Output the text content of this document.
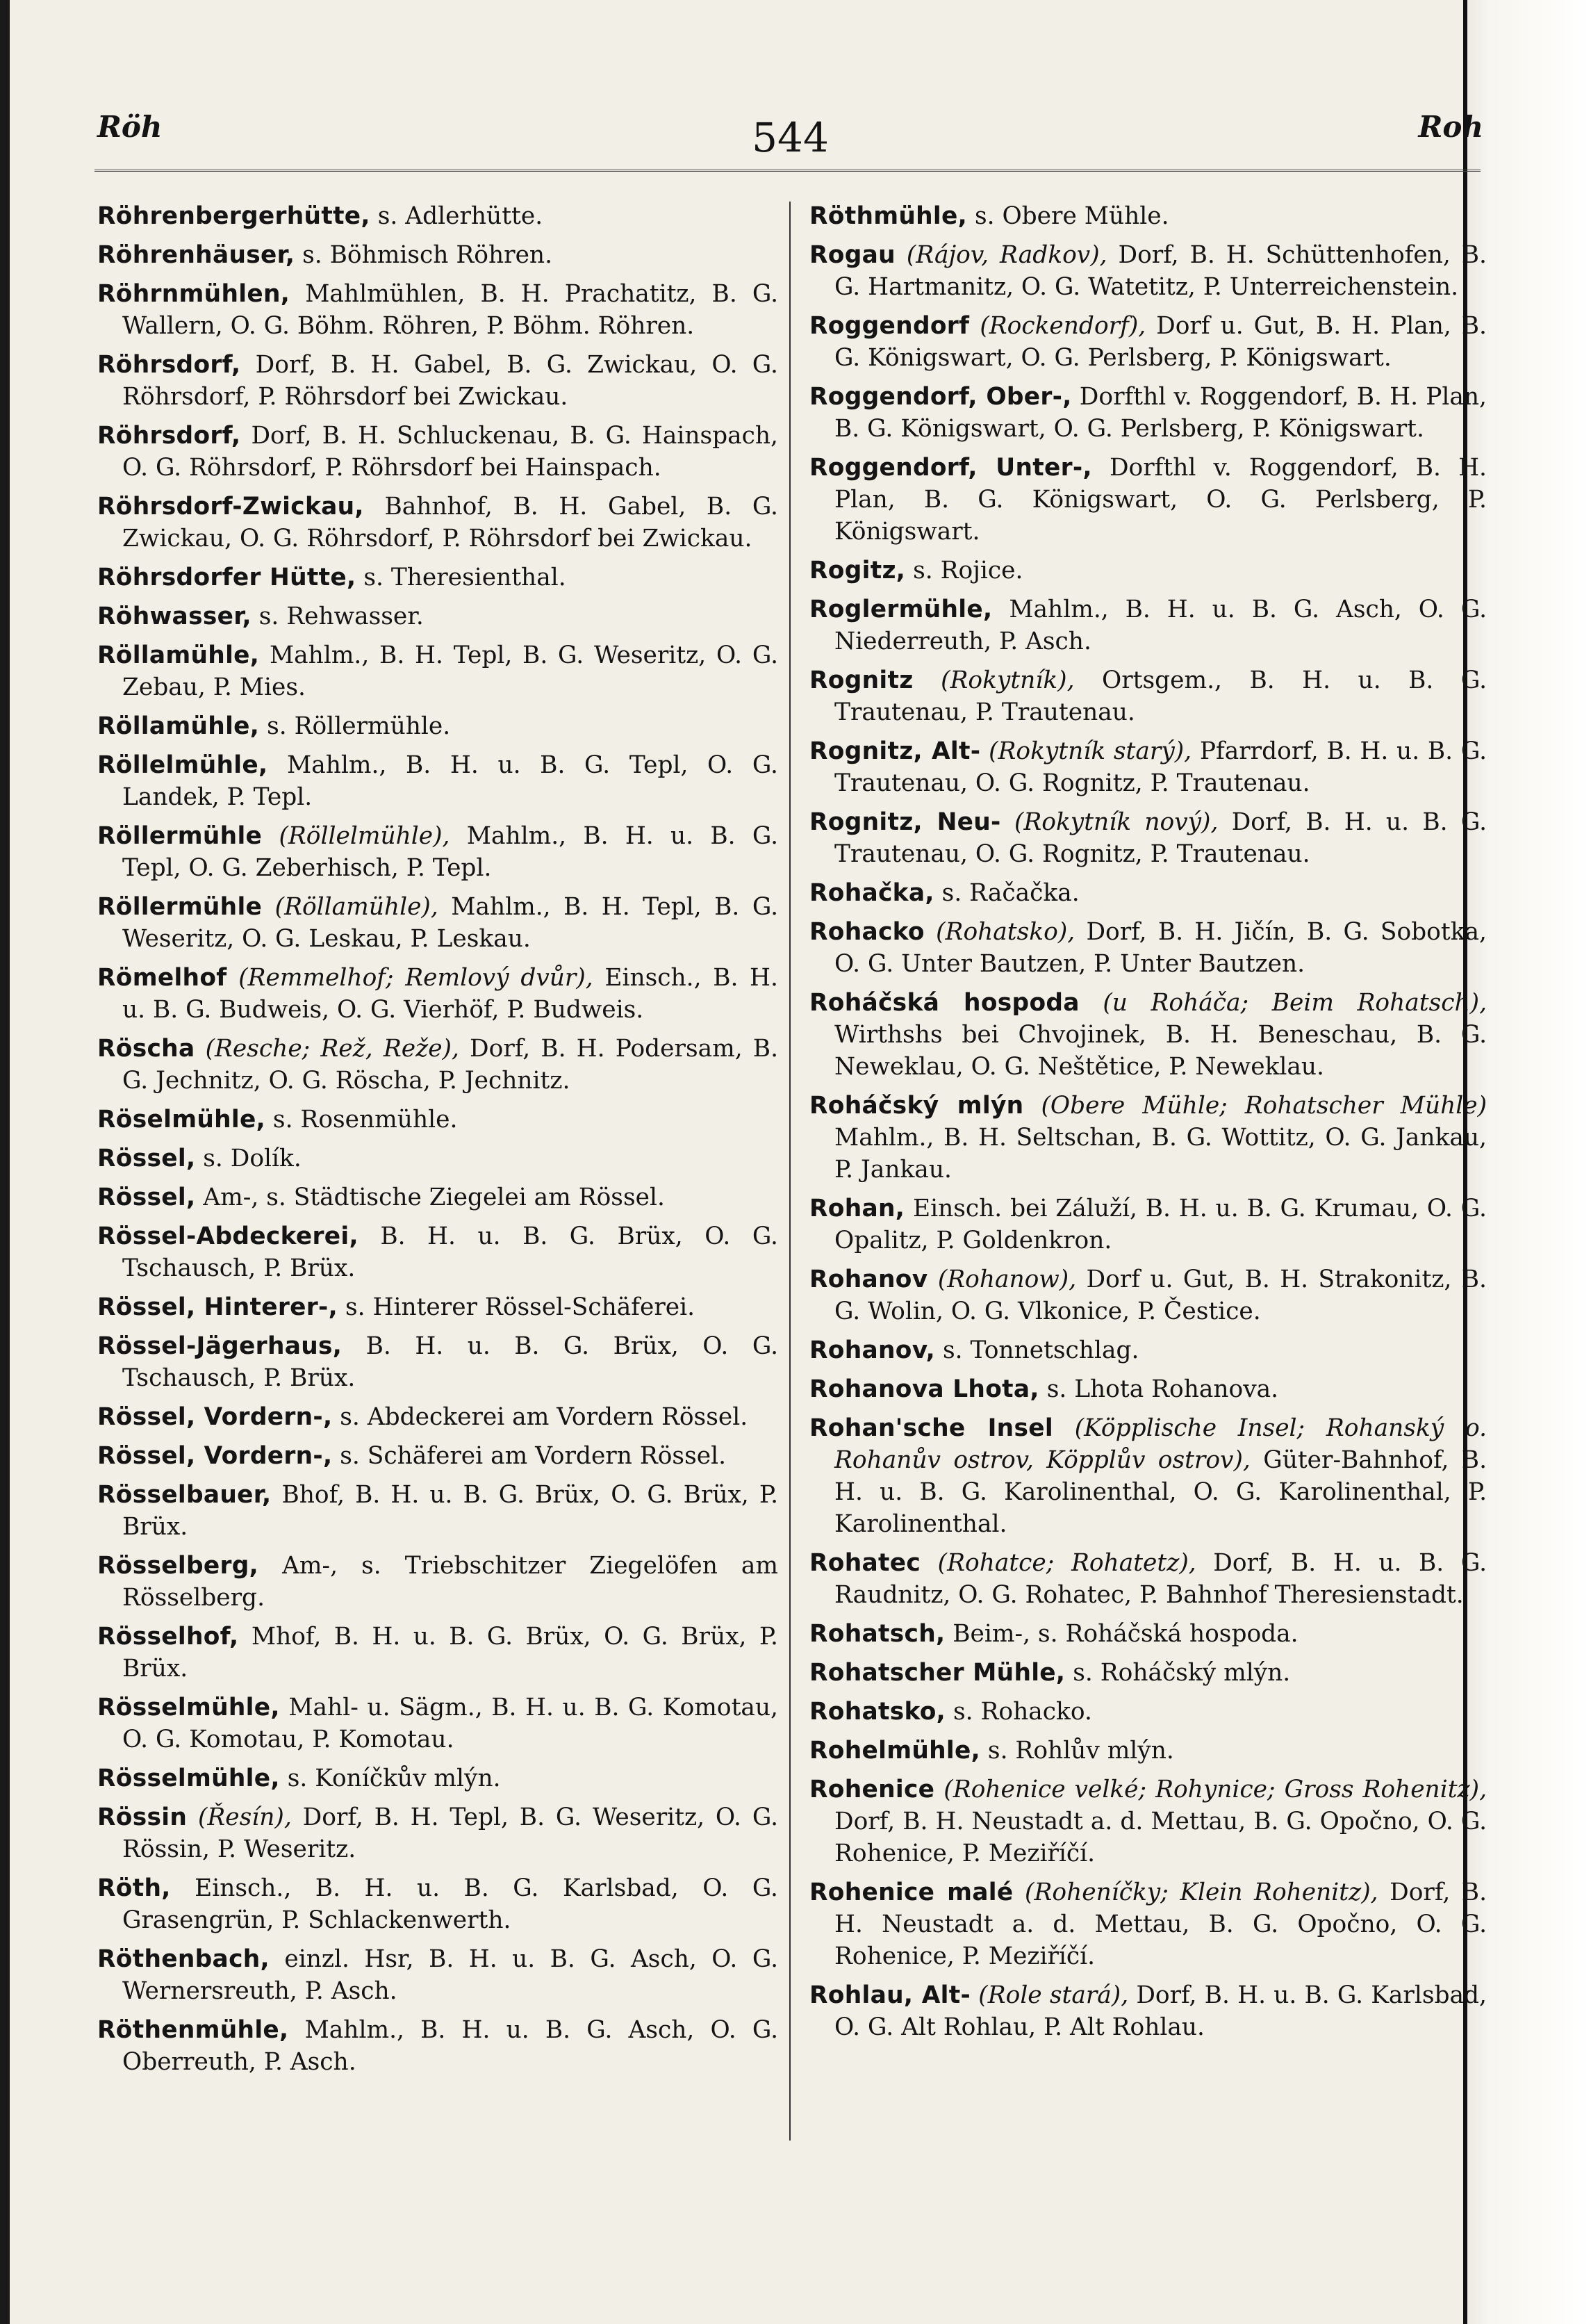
Röh	544	Roh
Röhrenbergerhütte, s. Adlerhütte.
Röhrenhäuser, s. Böhmisch Röhren.
Röhrnmühlen, Mahlmühlen, B. H. Prachatitz, B. G. Wallern, O. G. Böhm. Röhren, P. Böhm. Röhren.
Röhrsdorf, Dorf, B. H. Gabel, B. G. Zwickau, O. G. Röhrsdorf, P. Röhrsdorf bei Zwickau.
Röhrsdorf, Dorf, B. H. Schluckenau, B. G. Hainspach, O. G. Röhrsdorf, P. Röhrsdorf bei Hainspach.
Röhrsdorf-Zwickau, Bahnhof, B. H. Gabel, B. G. Zwickau, O. G. Röhrsdorf, P. Röhrsdorf bei Zwickau.
Röhrsdorfer Hütte, s. Theresienthal.
Röhwasser, s. Rehwasser.
Röllamühle, Mahlm., B. H. Tepl, B. G. Weseritz, O. G. Zebau, P. Mies.
Röllamühle, s. Röllermühle.
Röllelmühle, Mahlm., B. H. u. B. G. Tepl, O. G. Landek, P. Tepl.
Röllermühle (Röllelmühle), Mahlm., B. H. u. B. G. Tepl, O. G. Zeberhisch, P. Tepl.
Röllermühle (Röllamühle), Mahlm., B. H. Tepl, B. G. Weseritz, O. G. Leskau, P. Leskau.
Römelhof (Remmelhof; Remlový dvůr), Einsch., B. H. u. B. G. Budweis, O. G. Vierhöf, P. Budweis.
Röscha (Resche; Rež, Reže), Dorf, B. H. Podersam, B. G. Jechnitz, O. G. Röscha, P. Jechnitz.
Röselmühle, s. Rosenmühle.
Rössel, s. Dolík.
Rössel, Am-, s. Städtische Ziegelei am Rössel.
Rössel-Abdeckerei, B. H. u. B. G. Brüx, O. G. Tschausch, P. Brüx.
Rössel, Hinterer-, s. Hinterer Rössel-Schäferei.
Rössel-Jägerhaus, B. H. u. B. G. Brüx, O. G. Tschausch, P. Brüx.
Rössel, Vordern-, s. Abdeckerei am Vordern Rössel.
Rössel, Vordern-, s. Schäferei am Vordern Rössel.
Rösselbauer, Bhof, B. H. u. B. G. Brüx, O. G. Brüx, P. Brüx.
Rösselberg, Am-, s. Triebschitzer Ziegelöfen am Rösselberg.
Rösselhof, Mhof, B. H. u. B. G. Brüx, O. G. Brüx, P. Brüx.
Rösselmühle, Mahl- u. Sägm., B. H. u. B. G. Komotau, O. G. Komotau, P. Komotau.
Rösselmühle, s. Koníčkův mlýn.
Rössin (Řesín), Dorf, B. H. Tepl, B. G. Weseritz, O. G. Rössin, P. Weseritz.
Röth, Einsch., B. H. u. B. G. Karlsbad, O. G. Grasengrün, P. Schlackenwerth.
Röthenbach, einzl. Hsr, B. H. u. B. G. Asch, O. G. Wernersreuth, P. Asch.
Röthenmühle, Mahlm., B. H. u. B. G. Asch, O. G. Oberreuth, P. Asch.
Röthmühle, s. Obere Mühle.
Rogau (Rájov, Radkov), Dorf, B. H. Schüttenhofen, B. G. Hartmanitz, O. G. Watetitz, P. Unterreichenstein.
Roggendorf (Rockendorf), Dorf u. Gut, B. H. Plan, B. G. Königswart, O. G. Perlsberg, P. Königswart.
Roggendorf, Ober-, Dorfthl v. Roggendorf, B. H. Plan, B. G. Königswart, O. G. Perlsberg, P. Königswart.
Roggendorf, Unter-, Dorfthl v. Roggendorf, B. H. Plan, B. G. Königswart, O. G. Perlsberg, P. Königswart.
Rogitz, s. Rojice.
Roglermühle, Mahlm., B. H. u. B. G. Asch, O. G. Niederreuth, P. Asch.
Rognitz (Rokytník), Ortsgem., B. H. u. B. G. Trautenau, P. Trautenau.
Rognitz, Alt- (Rokytník starý), Pfarrdorf, B. H. u. B. G. Trautenau, O. G. Rognitz, P. Trautenau.
Rognitz, Neu- (Rokytník nový), Dorf, B. H. u. B. G. Trautenau, O. G. Rognitz, P. Trautenau.
Rohačka, s. Račačka.
Rohacko (Rohatsko), Dorf, B. H. Jičín, B. G. Sobotka, O. G. Unter Bautzen, P. Unter Bautzen.
Roháčská hospoda (u Roháča; Beim Rohatsch), Wirthshs bei Chvojinek, B. H. Beneschau, B. G. Neweklau, O. G. Neštětice, P. Neweklau.
Roháčský mlýn (Obere Mühle; Rohatscher Mühle) Mahlm., B. H. Seltschan, B. G. Wottitz, O. G. Jankau, P. Jankau.
Rohan, Einsch. bei Záluží, B. H. u. B. G. Krumau, O. G. Opalitz, P. Goldenkron.
Rohanov (Rohanow), Dorf u. Gut, B. H. Strakonitz, B. G. Wolin, O. G. Vlkonice, P. Čestice.
Rohanov, s. Tonnetschlag.
Rohanova Lhota, s. Lhota Rohanova.
Rohan'sche Insel (Köpplische Insel; Rohanský o. Rohanův ostrov, Köpplův ostrov), Güter-Bahnhof, B. H. u. B. G. Karolinenthal, O. G. Karolinenthal, P. Karolinenthal.
Rohatec (Rohatce; Rohatetz), Dorf, B. H. u. B. G. Raudnitz, O. G. Rohatec, P. Bahnhof Theresienstadt.
Rohatsch, Beim-, s. Roháčská hospoda.
Rohatscher Mühle, s. Roháčský mlýn.
Rohatsko, s. Rohacko.
Rohelmühle, s. Rohlův mlýn.
Rohenice (Rohenice velké; Rohynice; Gross Rohenitz), Dorf, B. H. Neustadt a. d. Mettau, B. G. Opočno, O. G. Rohenice, P. Meziříčí.
Rohenice malé (Roheníčky; Klein Rohenitz), Dorf, B. H. Neustadt a. d. Mettau, B. G. Opočno, O. G. Rohenice, P. Meziříčí.
Rohlau, Alt- (Role stará), Dorf, B. H. u. B. G. Karlsbad, O. G. Alt Rohlau, P. Alt Rohlau.
